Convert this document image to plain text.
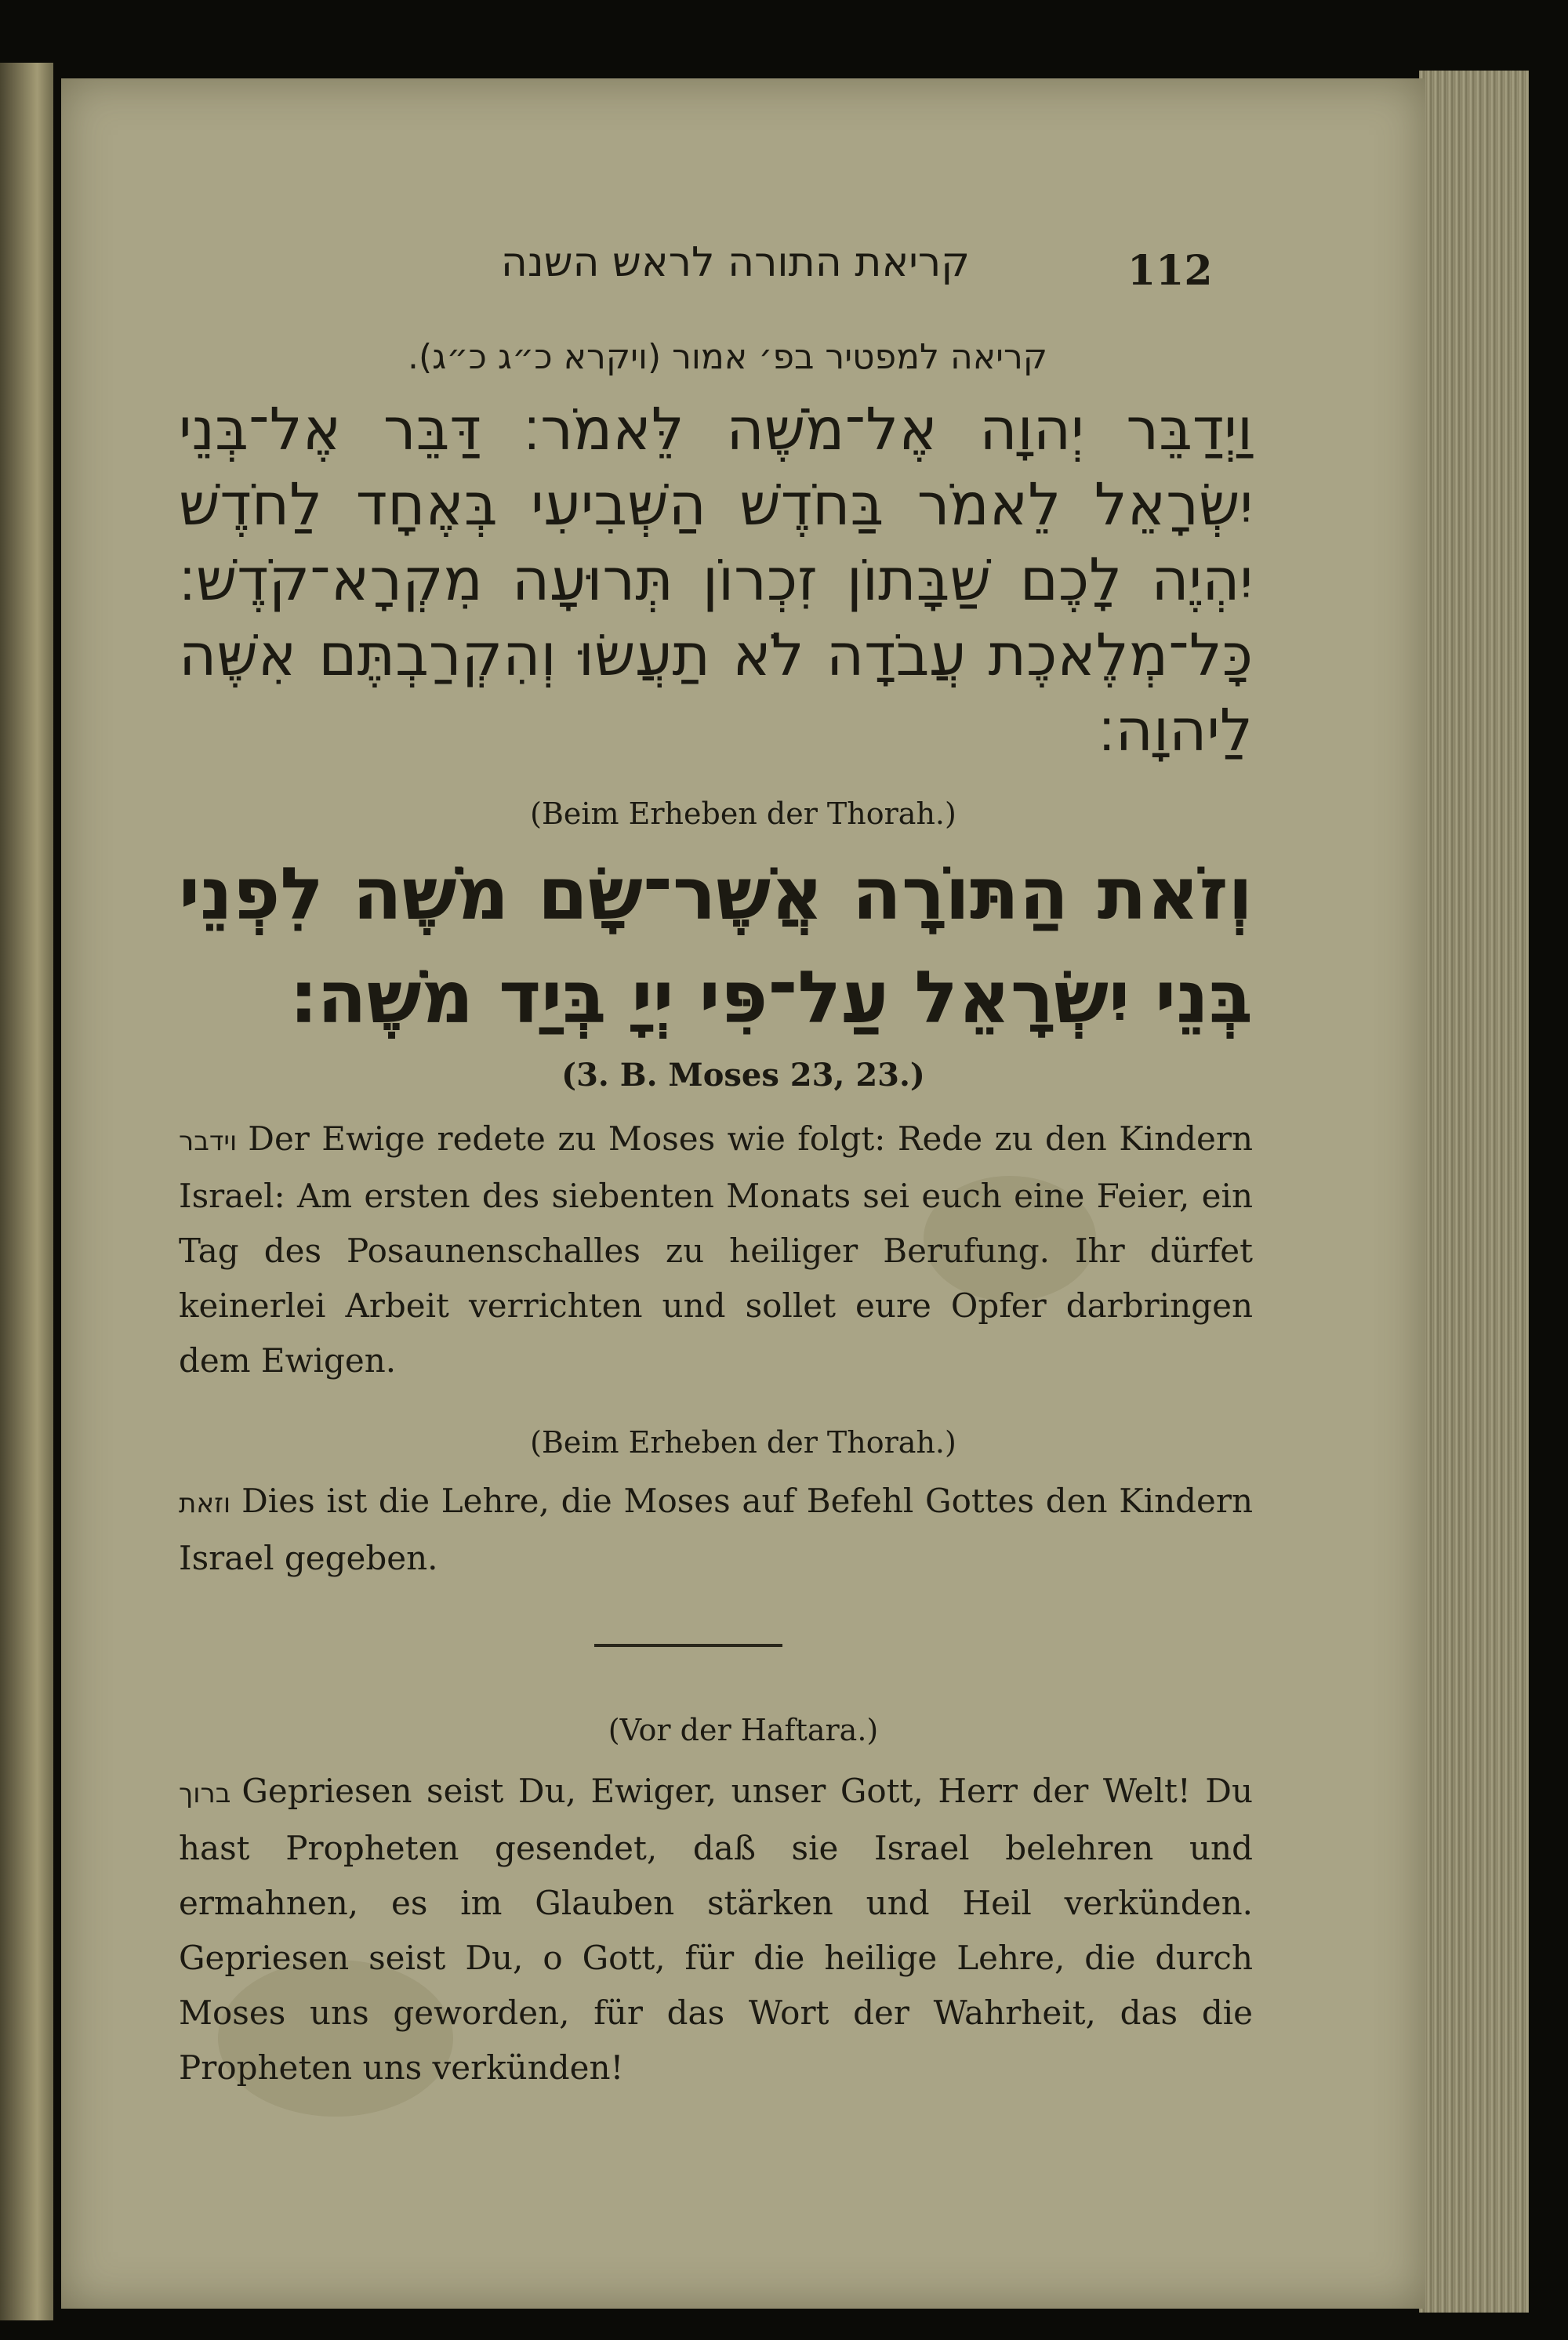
קריאת התורה לראש השנה	112
קריאה למפטיר בפ׳ אמור (ויקרא כ״ג כ״ג).
וַיְדַבֵּר יְהוָה אֶל־מֹשֶׁה לֵּאמֹר׃ דַּבֵּר אֶל־בְּנֵי יִשְׂרָאֵל לֵאמֹר בַּחֹדֶשׁ הַשְּׁבִיעִי בְּאֶחָד לַחֹדֶשׁ יִהְיֶה לָכֶם שַׁבָּתוֹן זִכְרוֹן תְּרוּעָה מִקְרָא־קֹדֶשׁ׃ כָּל־מְלֶאכֶת עֲבֹדָה לֹא תַעֲשׂוּ וְהִקְרַבְתֶּם אִשֶּׁה לַיהוָה׃
(Beim Erheben der Thorah.)
וְזֹאת הַתּוֹרָה אֲשֶׁר־שָׂם מֹשֶׁה לִפְנֵי בְּנֵי יִשְׂרָאֵל עַל־פִּי יְיָ בְּיַד מֹשֶׁה׃
(3. B. Moses 23, 23.)
וידבר Der Ewige redete zu Moses wie folgt: Rede zu den Kindern Israel: Am ersten des siebenten Monats sei euch eine Feier, ein Tag des Posaunenschalles zu heiliger Berufung. Ihr dürfet keinerlei Arbeit verrichten und sollet eure Opfer darbringen dem Ewigen.
(Beim Erheben der Thorah.)
וזאת Dies ist die Lehre, die Moses auf Befehl Gottes den Kindern Israel gegeben.
(Vor der Haftara.)
ברוך Gepriesen seist Du, Ewiger, unser Gott, Herr der Welt! Du hast Propheten gesendet, daß sie Israel belehren und ermahnen, es im Glauben stärken und Heil verkünden. Gepriesen seist Du, o Gott, für die heilige Lehre, die durch Moses uns geworden, für das Wort der Wahrheit, das die Propheten uns verkünden!
